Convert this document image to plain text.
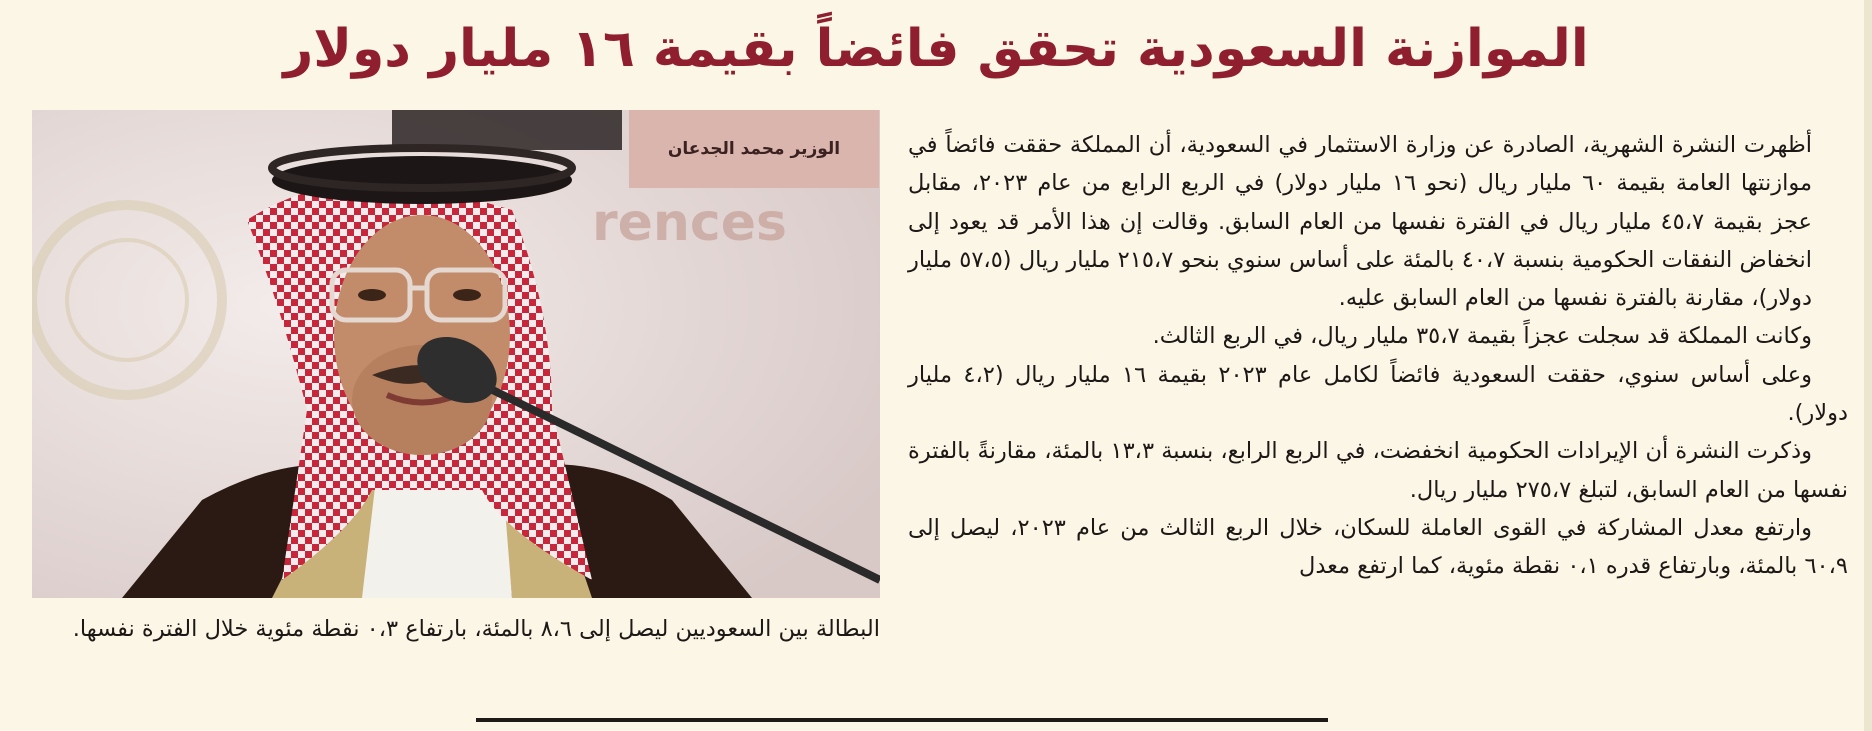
الموازنة السعودية تحقق فائضاً بقيمة ١٦ مليار دولار
rences
الوزير محمد الجدعان	أظهرت النشرة الشهرية، الصادرة عن وزارة الاستثمار في السعودية، أن المملكة حققت فائضاً في موازنتها العامة بقيمة ٦٠ مليار ريال (نحو ١٦ مليار دولار) في الربع الرابع من عام ٢٠٢٣، مقابل عجز بقيمة ٤٥،٧ مليار ريال في الفترة نفسها من العام السابق. وقالت إن هذا الأمر قد يعود إلى انخفاض النفقات الحكومية بنسبة ٤٠،٧ بالمئة على أساس سنوي بنحو ٢١٥،٧ مليار ريال (٥٧،٥ مليار دولار)، مقارنة بالفترة نفسها من العام السابق عليه.

وكانت المملكة قد سجلت عجزاً بقيمة ٣٥،٧ مليار ريال، في الربع الثالث.

وعلى أساس سنوي، حققت السعودية فائضاً لكامل عام ٢٠٢٣ بقيمة ١٦ مليار ريال (٤،٢ مليار دولار).

وذكرت النشرة أن الإيرادات الحكومية انخفضت، في الربع الرابع، بنسبة ١٣،٣ بالمئة، مقارنةً بالفترة نفسها من العام السابق، لتبلغ ٢٧٥،٧ مليار ريال.

وارتفع معدل المشاركة في القوى العاملة للسكان، خلال الربع الثالث من عام ٢٠٢٣، ليصل إلى ٦٠،٩ بالمئة، وبارتفاع قدره ٠،١ نقطة مئوية، كما ارتفع معدل

البطالة بين السعوديين ليصل إلى ٨،٦ بالمئة، بارتفاع ٠،٣ نقطة مئوية خلال الفترة نفسها.
